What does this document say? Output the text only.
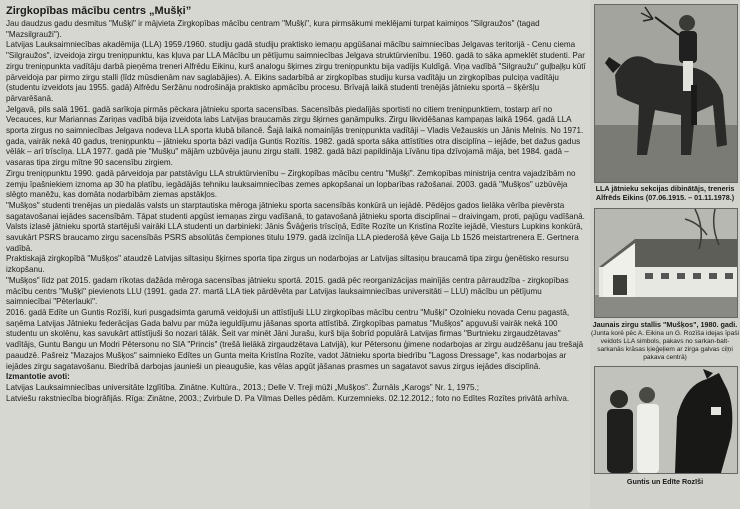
Zirgkopības mācību centrs „Mušķi”

Jau daudzus gadu desmitus "Mušķi" ir mājvieta Zirgkopības mācību centram "Mušķi", kura pirmsākumi meklējami turpat kaimiņos "Silgraužos" (tagad "Mazsilgrauži").

Latvijas Lauksaimniecības akadēmija (LLA) 1959./1960. studiju gadā studiju praktisko iemaņu apgūšanai mācību saimniecības Jelgavas teritorijā - Cenu ciema "Silgraužos", izveidoja zirgu treniņpunktu, kas kļuva par LLA Mācību un pētījumu saimniecības Jelgava struktūrvienību. 1960. gadā to sāka apmeklēt studenti. Par zirgu treniņpunkta vadītāju darbā pieņēma treneri Alfrēdu Eikinu, kurš analogu šķirnes zirgu treniņpunktu bija vadījis Kuldīgā. Viņa vadībā "Silgraužu" guļbaļķu kūtī pārveidoja par pirmo zirgu stalli (līdz mūsdienām nav saglabājies). A. Eikins sadarbībā ar zirgkopības studiju kursa vadītāju un zirgkopības pulciņa vadītāju (studentu izveidots jau 1955. gadā) Alfrēdu Seržānu nodrošināja praktisko apmācību procesu. Brīvajā laikā studenti trenējās jātnieku sportā – šķēršļu pārvarēšanā.

Jelgavā, pils salā 1961. gadā sarīkoja pirmās pēckara jātnieku sporta sacensības. Sacensībās piedalījās sportisti no citiem treniņpunktiem, tostarp arī no Vecauces, kur Mariannas Zariņas vadībā bija izveidota labs Latvijas braucamās zirgu šķirnes ganāmpulks. Zirgu likvidēšanas kampaņas laikā 1964. gadā LLA sporta zirgus no saimniecības Jelgava nodeva LLA sporta klubā bilancē. Šajā laikā nomainījās treniņpunkta vadītāji – Vladis Vežauskis un Jānis Melnis. No 1971. gada, vairāk nekā 40 gadus, treniņpunktu – jātnieku sporta bāzi vadīja Guntis Rozītis. 1982. gadā sporta sāka attīstīties otra disciplīna – iejāde, bet dažus gadus vēlāk – arī trīscīņa. LLA 1977. gadā pie "Mušķu" mājām uzbūvēja jaunu zirgu stalli. 1982. gadā bāzi papildināja Līvānu tipa dzīvojamā māja, bet 1984. gadā – vasaras tipa zirgu mītne 90 sacensību zirgiem.

Zirgu treniņpunktu 1990. gadā pārveidoja par patstāvīgu LLA struktūrvienību – Zirgkopības mācību centru "Mušķi". Zemkopības ministrija centra vajadzībām no zemju īpašniekiem iznoma ap 30 ha platību, iegādājās tehniku lauksaimniecības zemes apkopšanai un lopbarības ražošanai. 2003. gadā "Mušķos" uzbūvēja slēgto manēžu, kas domāta nodarbībām ziemas apstākļos.

"Mušķos" studenti trenējas un piedalās valsts un starptautiska mēroga jātnieku sporta sacensībās konkūrā un iejādē. Pēdējos gados lielāka vērība pievērsta sagatavošanai iejādes sacensībām. Tāpat studenti apgūst iemaņas zirgu vadīšanā, to gatavošanā jātnieku sporta disciplīnai – draivingam, proti, pajūgu vadīšanā.

Valsts izlasē jātnieku sportā startējuši vairāki LLA studenti un darbinieki: Jānis Švāģeris trīscīņā, Edīte Rozīte un Kristīna Rozīte iejādē, Viesturs Lupkins konkūrā, savukārt PSRS braucamo zirgu sacensībās PSRS absolūtās čempiones titulu 1979. gadā izcīnīja LLA piederošā ķēve Gaija Lb 1526 meistartrenera E. Gertnera vadībā.

Praktiskajā zirgkopībā "Mušķos" ataudzē Latvijas siltasiņu šķirnes sporta tipa zirgus un nodarbojas ar Latvijas siltasiņu braucamā tipa zirgu ģenētisko resursu izkopšanu.

"Mušķos" līdz pat 2015. gadam rīkotas dažāda mēroga sacensības jātnieku sportā. 2015. gadā pēc reorganizācijas mainījās centra pārraudzība - zirgkopības mācību centrs "Mušķi" pievienots LLU (1991. gada 27. martā LLA tiek pārdēvēta par Latvijas lauksaimniecības universitāti – LLU) mācību un pētījumu saimniecībai "Pēterlauki".

2016. gadā Edīte un Guntis Rozīši, kuri pusgadsimta garumā veidojuši un attīstījuši LLU zirgkopības mācību centru "Mušķi" Ozolnieku novada Cenu pagastā, saņēma Latvijas Jātnieku federācijas Gada balvu par mūža ieguldījumu jāšanas sporta attīstībā. Zirgkopības pamatus "Mušķos" apguvuši vairāk nekā 100 studentu un skolēnu, kas savukārt attīstījuši šo nozari tālāk. Šeit var minēt Jāni Jurašu, kurš bija šobrīd populārā Latvijas firmas "Burtnieku zirgaudzētavas" vadītājs, Guntu Bangu un Modri Pētersonu no SIA "Princis" (trešā lielākā zirgaudzētava Latvijā), kur Pētersonu ģimene nodarbojas ar zirgu audzēšanu jau trešajā paaudzē. Pašreiz "Mazajos Mušķos" saimnieko Edītes un Gunta meita Kristīna Rozīte, vadot Jātnieku sporta biedrību "Lagoss Dressage", kas nodarbojas ar iejādes zirgu sagatavošanu. Biedrībā darbojas jaunieši un pieaugušie, kas vēlas apgūt jāšanas prasmes un sagatavot savus zirgus iejādes disciplīnā.

Izmantotie avoti:

Latvijas Lauksaimniecības universitāte Izglītība. Zinātne. Kultūra., 2013.; Delle V. Treji mūži „Mušķos”. Žurnāls „Karogs” Nr. 1, 1975.;

Latviešu rakstniecība biogrāfijās. Rīga: Zinātne, 2003.; Zvirbule D. Pa Vilmas Delles pēdām. Kurzemnieks. 02.12.2012.; foto no Edītes Rozītes privātā arhīva.

LLA jātnieku sekcijas dibinātājs, treneris
Alfrēds Eikins (07.06.1915. – 01.11.1978.)
Jaunais zirgu stallis "Mušķos", 1980. gadi.
(Junta korē pēc A. Eikina un G. Rozīša idejas īpaši veidots LLA simbols, pakavs no sarkan-balt-sarkanās krāsas ķieģeļiem ar zirga galvas ciļņi pakava centrā)
Guntis un Edīte Rozīši
